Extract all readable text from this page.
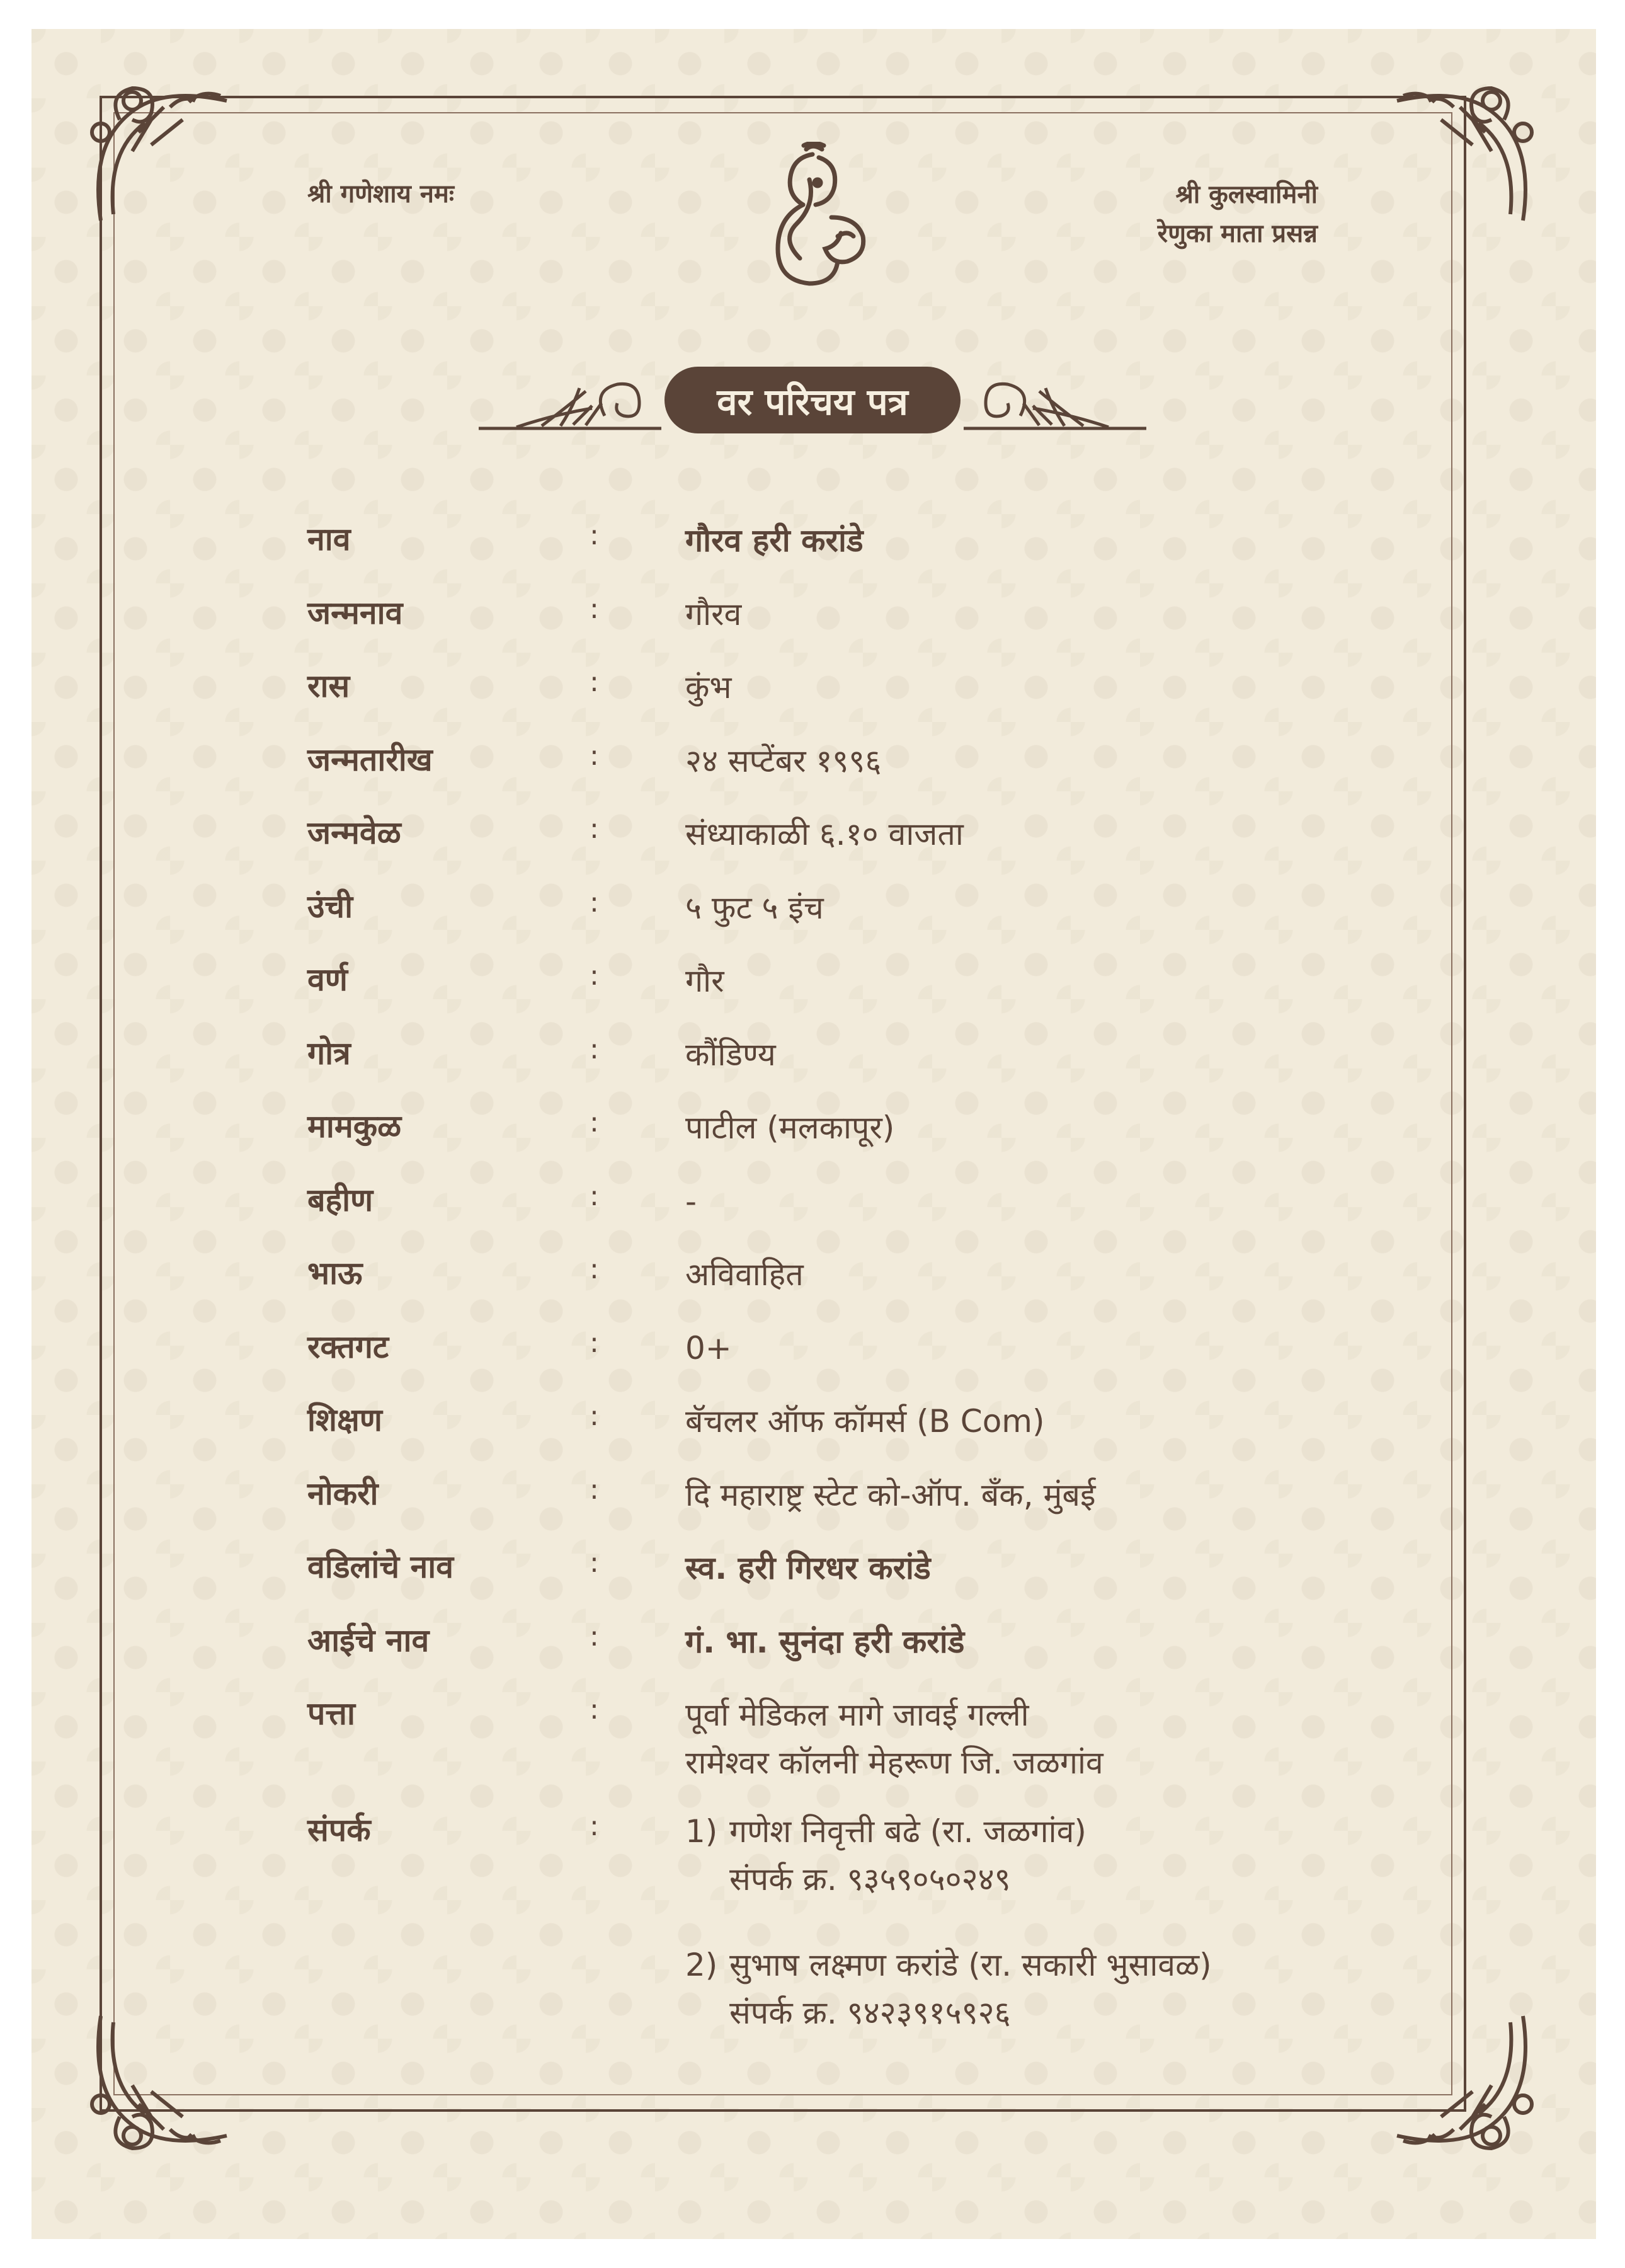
श्री गणेशाय नमः	श्री कुलस्वामिनी
रेणुका माता प्रसन्न
वर परिचय पत्र
नाव	:	गौरव हरी करांडे
जन्मनाव	:	गौरव
रास	:	कुंभ
जन्मतारीख	:	२४ सप्टेंबर १९९६
जन्मवेळ	:	संध्याकाळी ६.१० वाजता
उंची	:	५ फुट ५ इंच
वर्ण	:	गौर
गोत्र	:	कौंडिण्य
मामकुळ	:	पाटील (मलकापूर)
बहीण	:	-
भाऊ	:	अविवाहित
रक्तगट	:	0+
शिक्षण	:	बॅचलर ऑफ कॉमर्स (B Com)
नोकरी	:	दि महाराष्ट्र स्टेट को-ऑप. बँक, मुंबई
वडिलांचे नाव	:	स्व. हरी गिरधर करांडे
आईचे नाव	:	गं. भा. सुनंदा हरी करांडे
पत्ता	:	पूर्वा मेडिकल मागे जावई गल्ली
रामेश्वर कॉलनी मेहरूण जि. जळगांव
संपर्क	:	1) गणेश निवृत्ती बढे (रा. जळगांव)
संपर्क क्र. ९३५९०५०२४९
2) सुभाष लक्ष्मण करांडे (रा. सकारी भुसावळ)
संपर्क क्र. ९४२३९१५९२६
